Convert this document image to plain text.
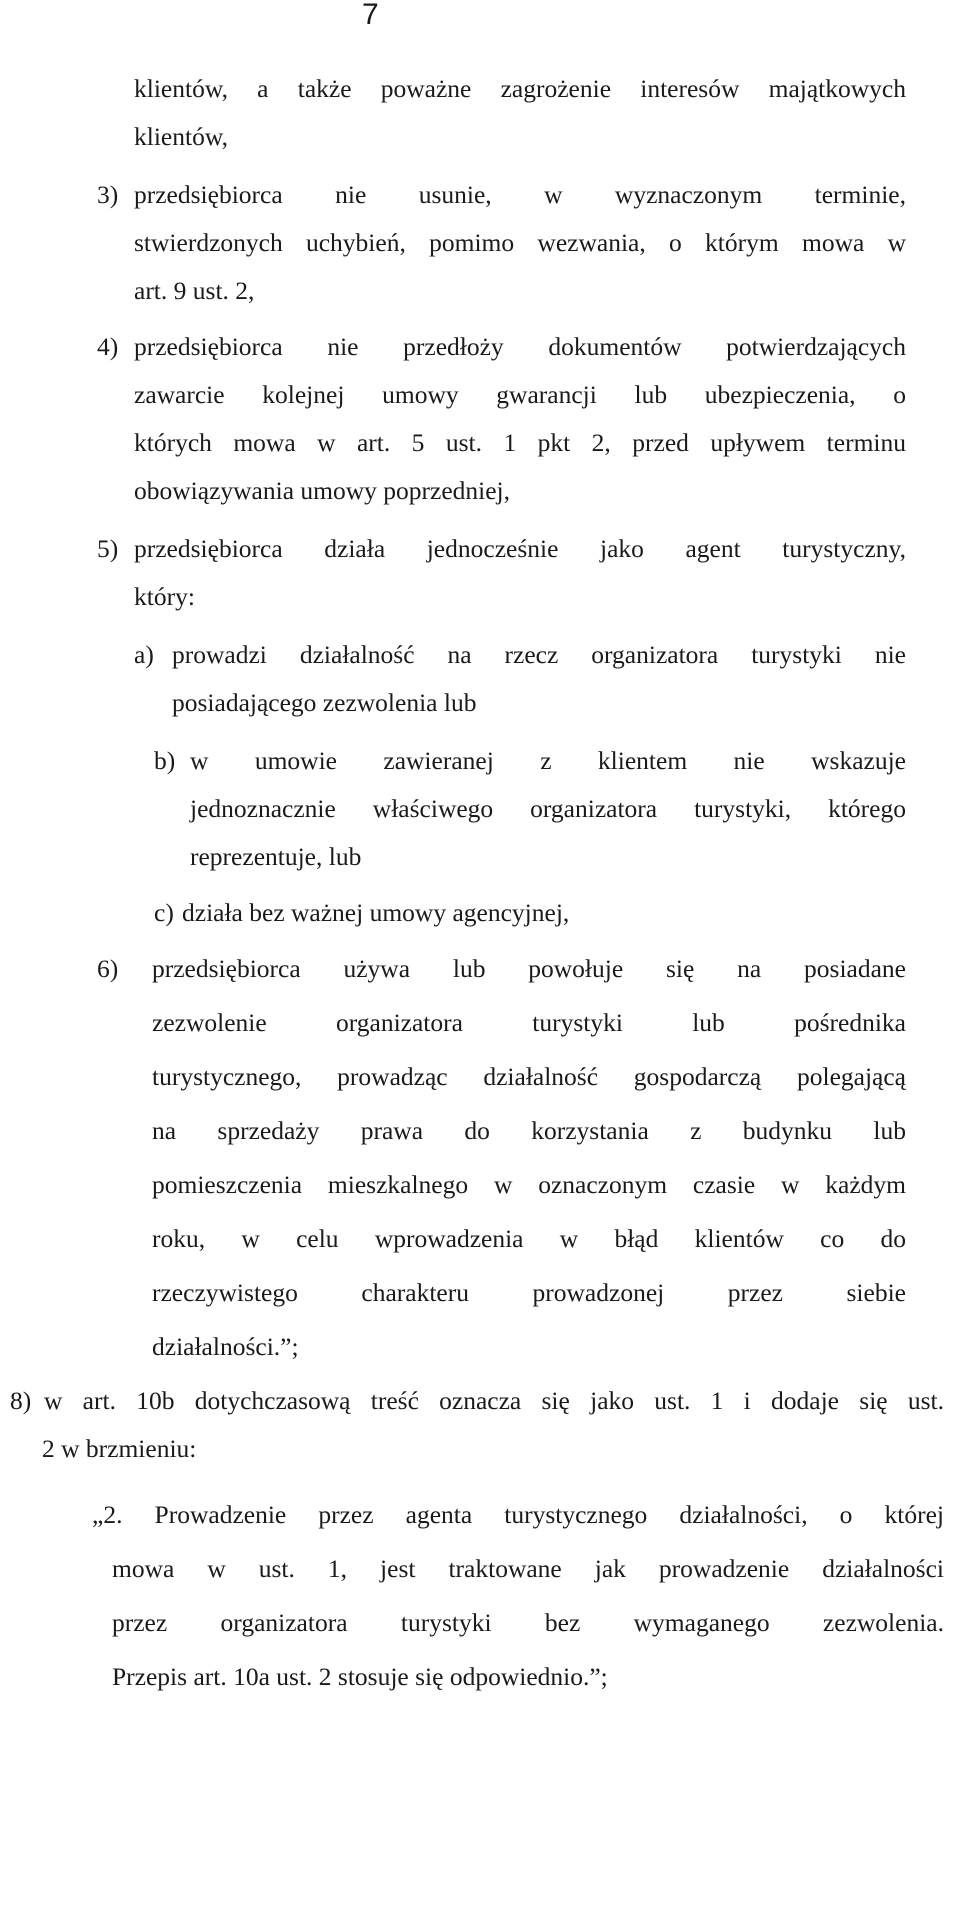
7
klientów, a także poważne zagrożenie interesów majątkowych
klientów,
3) przedsiębiorca nie usunie, w wyznaczonym terminie,
stwierdzonych uchybień, pomimo wezwania, o którym mowa w
art. 9 ust. 2,
4) przedsiębiorca nie przedłoży dokumentów potwierdzających
zawarcie kolejnej umowy gwarancji lub ubezpieczenia, o
których mowa w art. 5 ust. 1 pkt 2, przed upływem terminu
obowiązywania umowy poprzedniej,
5) przedsiębiorca działa jednocześnie jako agent turystyczny,
który:
a) prowadzi działalność na rzecz organizatora turystyki nie
posiadającego zezwolenia lub
b) w umowie zawieranej z klientem nie wskazuje
jednoznacznie właściwego organizatora turystyki, którego
reprezentuje, lub
c) działa bez ważnej umowy agencyjnej,
6) przedsiębiorca używa lub powołuje się na posiadane
zezwolenie organizatora turystyki lub pośrednika
turystycznego, prowadząc działalność gospodarczą polegającą
na sprzedaży prawa do korzystania z budynku lub
pomieszczenia mieszkalnego w oznaczonym czasie w każdym
roku, w celu wprowadzenia w błąd klientów co do
rzeczywistego charakteru prowadzonej przez siebie
działalności.”;
8) w art. 10b dotychczasową treść oznacza się jako ust. 1 i dodaje się ust.
2 w brzmieniu:
„2. Prowadzenie przez agenta turystycznego działalności, o której
mowa w ust. 1, jest traktowane jak prowadzenie działalności
przez organizatora turystyki bez wymaganego zezwolenia.
Przepis art. 10a ust. 2 stosuje się odpowiednio.”;
